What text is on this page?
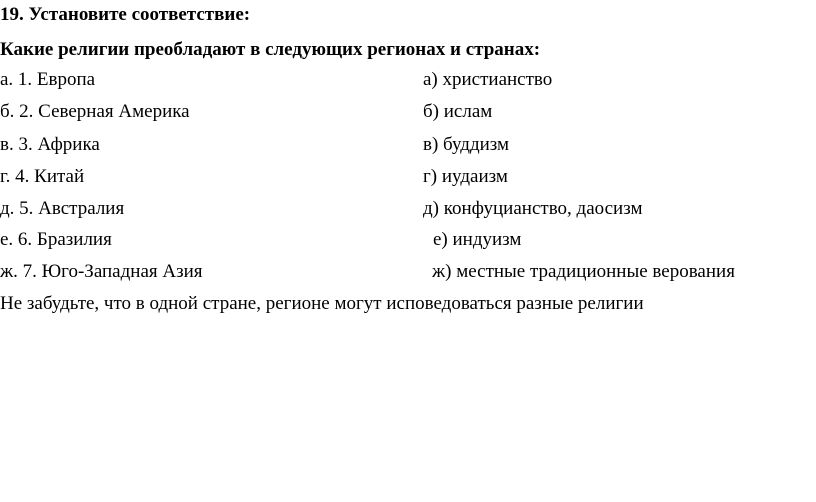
19. Установите соответствие:
Какие религии преобладают в следующих регионах и странах:
а. 1. Европа	а) христианство
б. 2. Северная Америка	б) ислам
в. 3. Африка	в) буддизм
г. 4. Китай	г) иудаизм
д. 5. Австралия	д) конфуцианство, даосизм
е. 6. Бразилия	е) индуизм
ж. 7. Юго-Западная Азия	ж) местные традиционные верования
Не забудьте, что в одной стране, регионе могут исповедоваться разные религии
